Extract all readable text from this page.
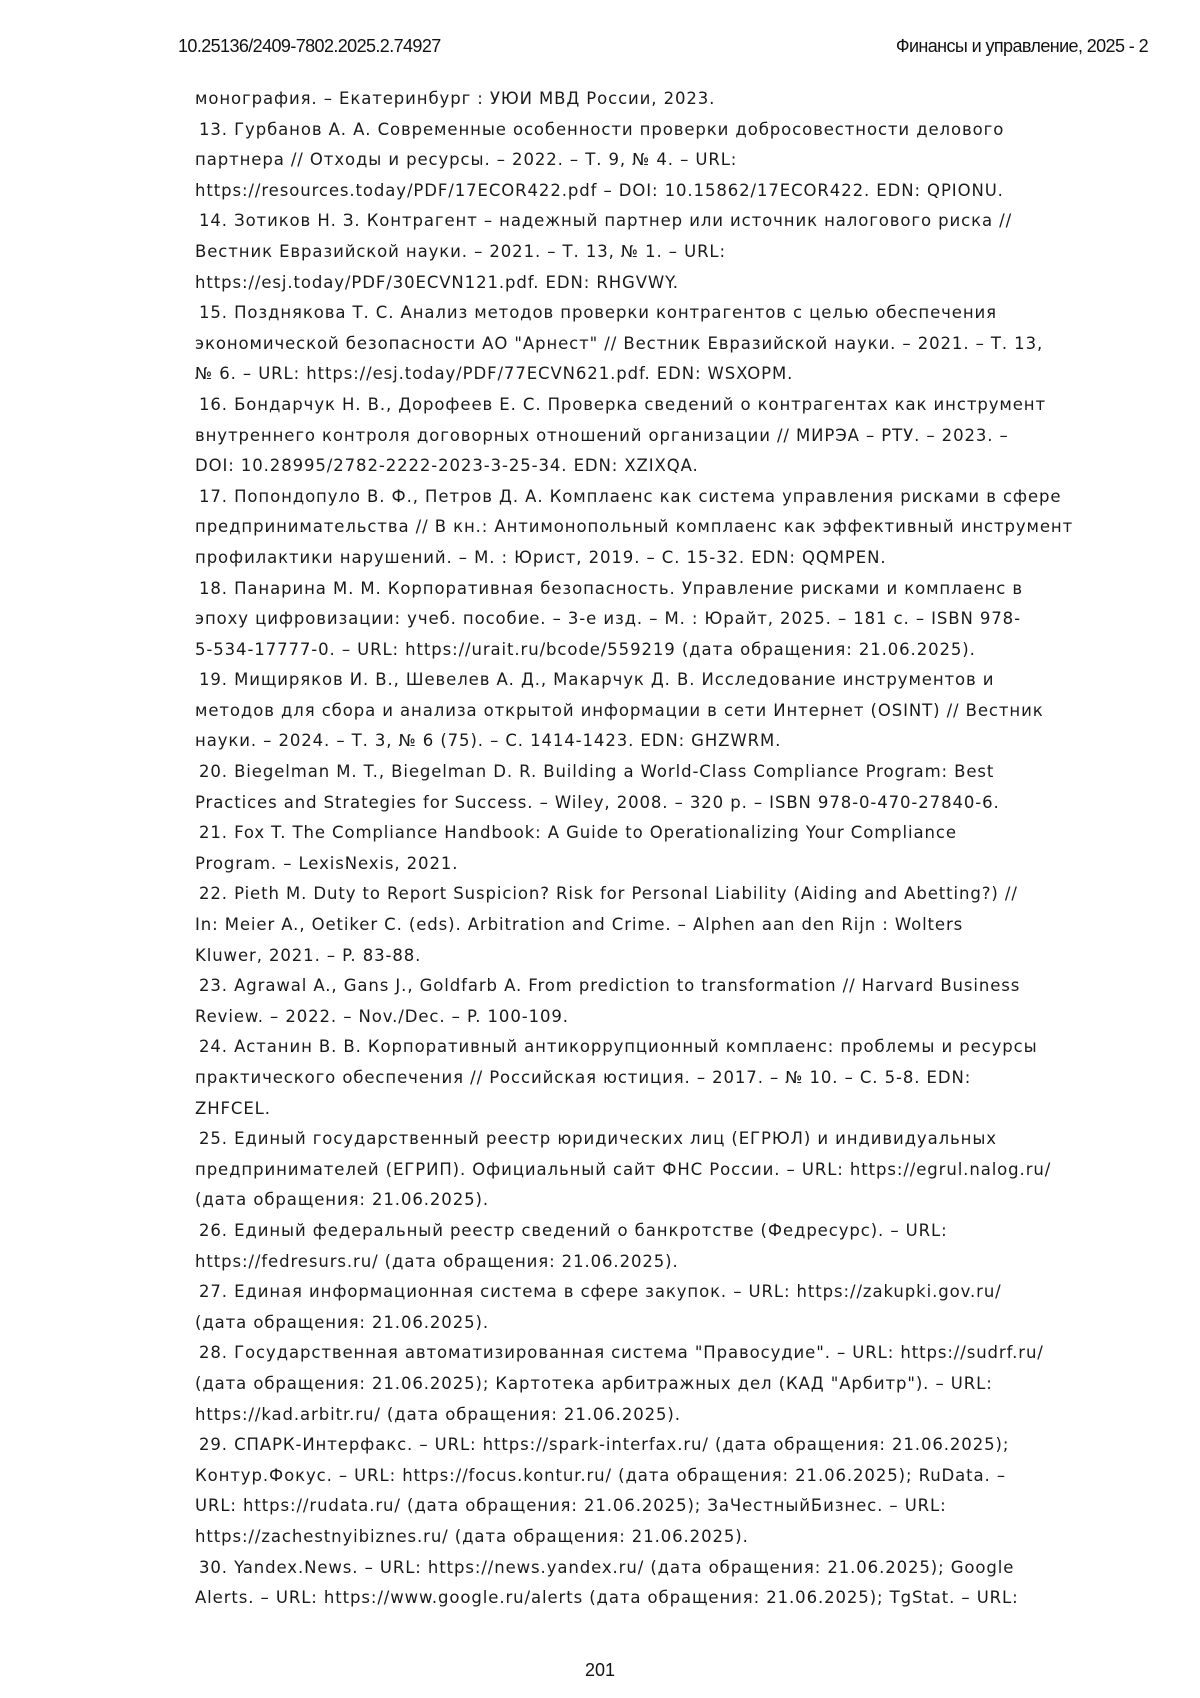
10.25136/2409-7802.2025.2.74927	Финансы и управление, 2025 - 2
монография. – Екатеринбург : УЮИ МВД России, 2023.
13. Гурбанов А. А. Современные особенности проверки добросовестности делового
партнера // Отходы и ресурсы. – 2022. – Т. 9, № 4. – URL:
https://resources.today/PDF/17ECOR422.pdf – DOI: 10.15862/17ECOR422. EDN: QPIONU.
14. Зотиков Н. З. Контрагент – надежный партнер или источник налогового риска //
Вестник Евразийской науки. – 2021. – Т. 13, № 1. – URL:
https://esj.today/PDF/30ECVN121.pdf. EDN: RHGVWY.
15. Позднякова Т. С. Анализ методов проверки контрагентов с целью обеспечения
экономической безопасности АО "Арнест" // Вестник Евразийской науки. – 2021. – Т. 13,
№ 6. – URL: https://esj.today/PDF/77ECVN621.pdf. EDN: WSXOPM.
16. Бондарчук Н. В., Дорофеев Е. С. Проверка сведений о контрагентах как инструмент
внутреннего контроля договорных отношений организации // МИРЭА – РТУ. – 2023. –
DOI: 10.28995/2782-2222-2023-3-25-34. EDN: XZIXQA.
17. Попондопуло В. Ф., Петров Д. А. Комплаенс как система управления рисками в сфере
предпринимательства // В кн.: Антимонопольный комплаенс как эффективный инструмент
профилактики нарушений. – М. : Юрист, 2019. – С. 15-32. EDN: QQMPEN.
18. Панарина М. М. Корпоративная безопасность. Управление рисками и комплаенс в
эпоху цифровизации: учеб. пособие. – 3-е изд. – М. : Юрайт, 2025. – 181 с. – ISBN 978-
5-534-17777-0. – URL: https://urait.ru/bcode/559219 (дата обращения: 21.06.2025).
19. Мищиряков И. В., Шевелев А. Д., Макарчук Д. В. Исследование инструментов и
методов для сбора и анализа открытой информации в сети Интернет (OSINT) // Вестник
науки. – 2024. – Т. 3, № 6 (75). – С. 1414-1423. EDN: GHZWRM.
20. Biegelman M. T., Biegelman D. R. Building a World-Class Compliance Program: Best
Practices and Strategies for Success. – Wiley, 2008. – 320 p. – ISBN 978-0-470-27840-6.
21. Fox T. The Compliance Handbook: A Guide to Operationalizing Your Compliance
Program. – LexisNexis, 2021.
22. Pieth M. Duty to Report Suspicion? Risk for Personal Liability (Aiding and Abetting?) //
In: Meier A., Oetiker C. (eds). Arbitration and Crime. – Alphen aan den Rijn : Wolters
Kluwer, 2021. – P. 83-88.
23. Agrawal A., Gans J., Goldfarb A. From prediction to transformation // Harvard Business
Review. – 2022. – Nov./Dec. – P. 100-109.
24. Астанин В. В. Корпоративный антикоррупционный комплаенс: проблемы и ресурсы
практического обеспечения // Российская юстиция. – 2017. – № 10. – С. 5-8. EDN:
ZHFCEL.
25. Единый государственный реестр юридических лиц (ЕГРЮЛ) и индивидуальных
предпринимателей (ЕГРИП). Официальный сайт ФНС России. – URL: https://egrul.nalog.ru/
(дата обращения: 21.06.2025).
26. Единый федеральный реестр сведений о банкротстве (Федресурс). – URL:
https://fedresurs.ru/ (дата обращения: 21.06.2025).
27. Единая информационная система в сфере закупок. – URL: https://zakupki.gov.ru/
(дата обращения: 21.06.2025).
28. Государственная автоматизированная система "Правосудие". – URL: https://sudrf.ru/
(дата обращения: 21.06.2025); Картотека арбитражных дел (КАД "Арбитр"). – URL:
https://kad.arbitr.ru/ (дата обращения: 21.06.2025).
29. СПАРК-Интерфакс. – URL: https://spark-interfax.ru/ (дата обращения: 21.06.2025);
Контур.Фокус. – URL: https://focus.kontur.ru/ (дата обращения: 21.06.2025); RuData. –
URL: https://rudata.ru/ (дата обращения: 21.06.2025); ЗаЧестныйБизнес. – URL:
https://zachestnyibiznes.ru/ (дата обращения: 21.06.2025).
30. Yandex.News. – URL: https://news.yandex.ru/ (дата обращения: 21.06.2025); Google
Alerts. – URL: https://www.google.ru/alerts (дата обращения: 21.06.2025); TgStat. – URL:
201
